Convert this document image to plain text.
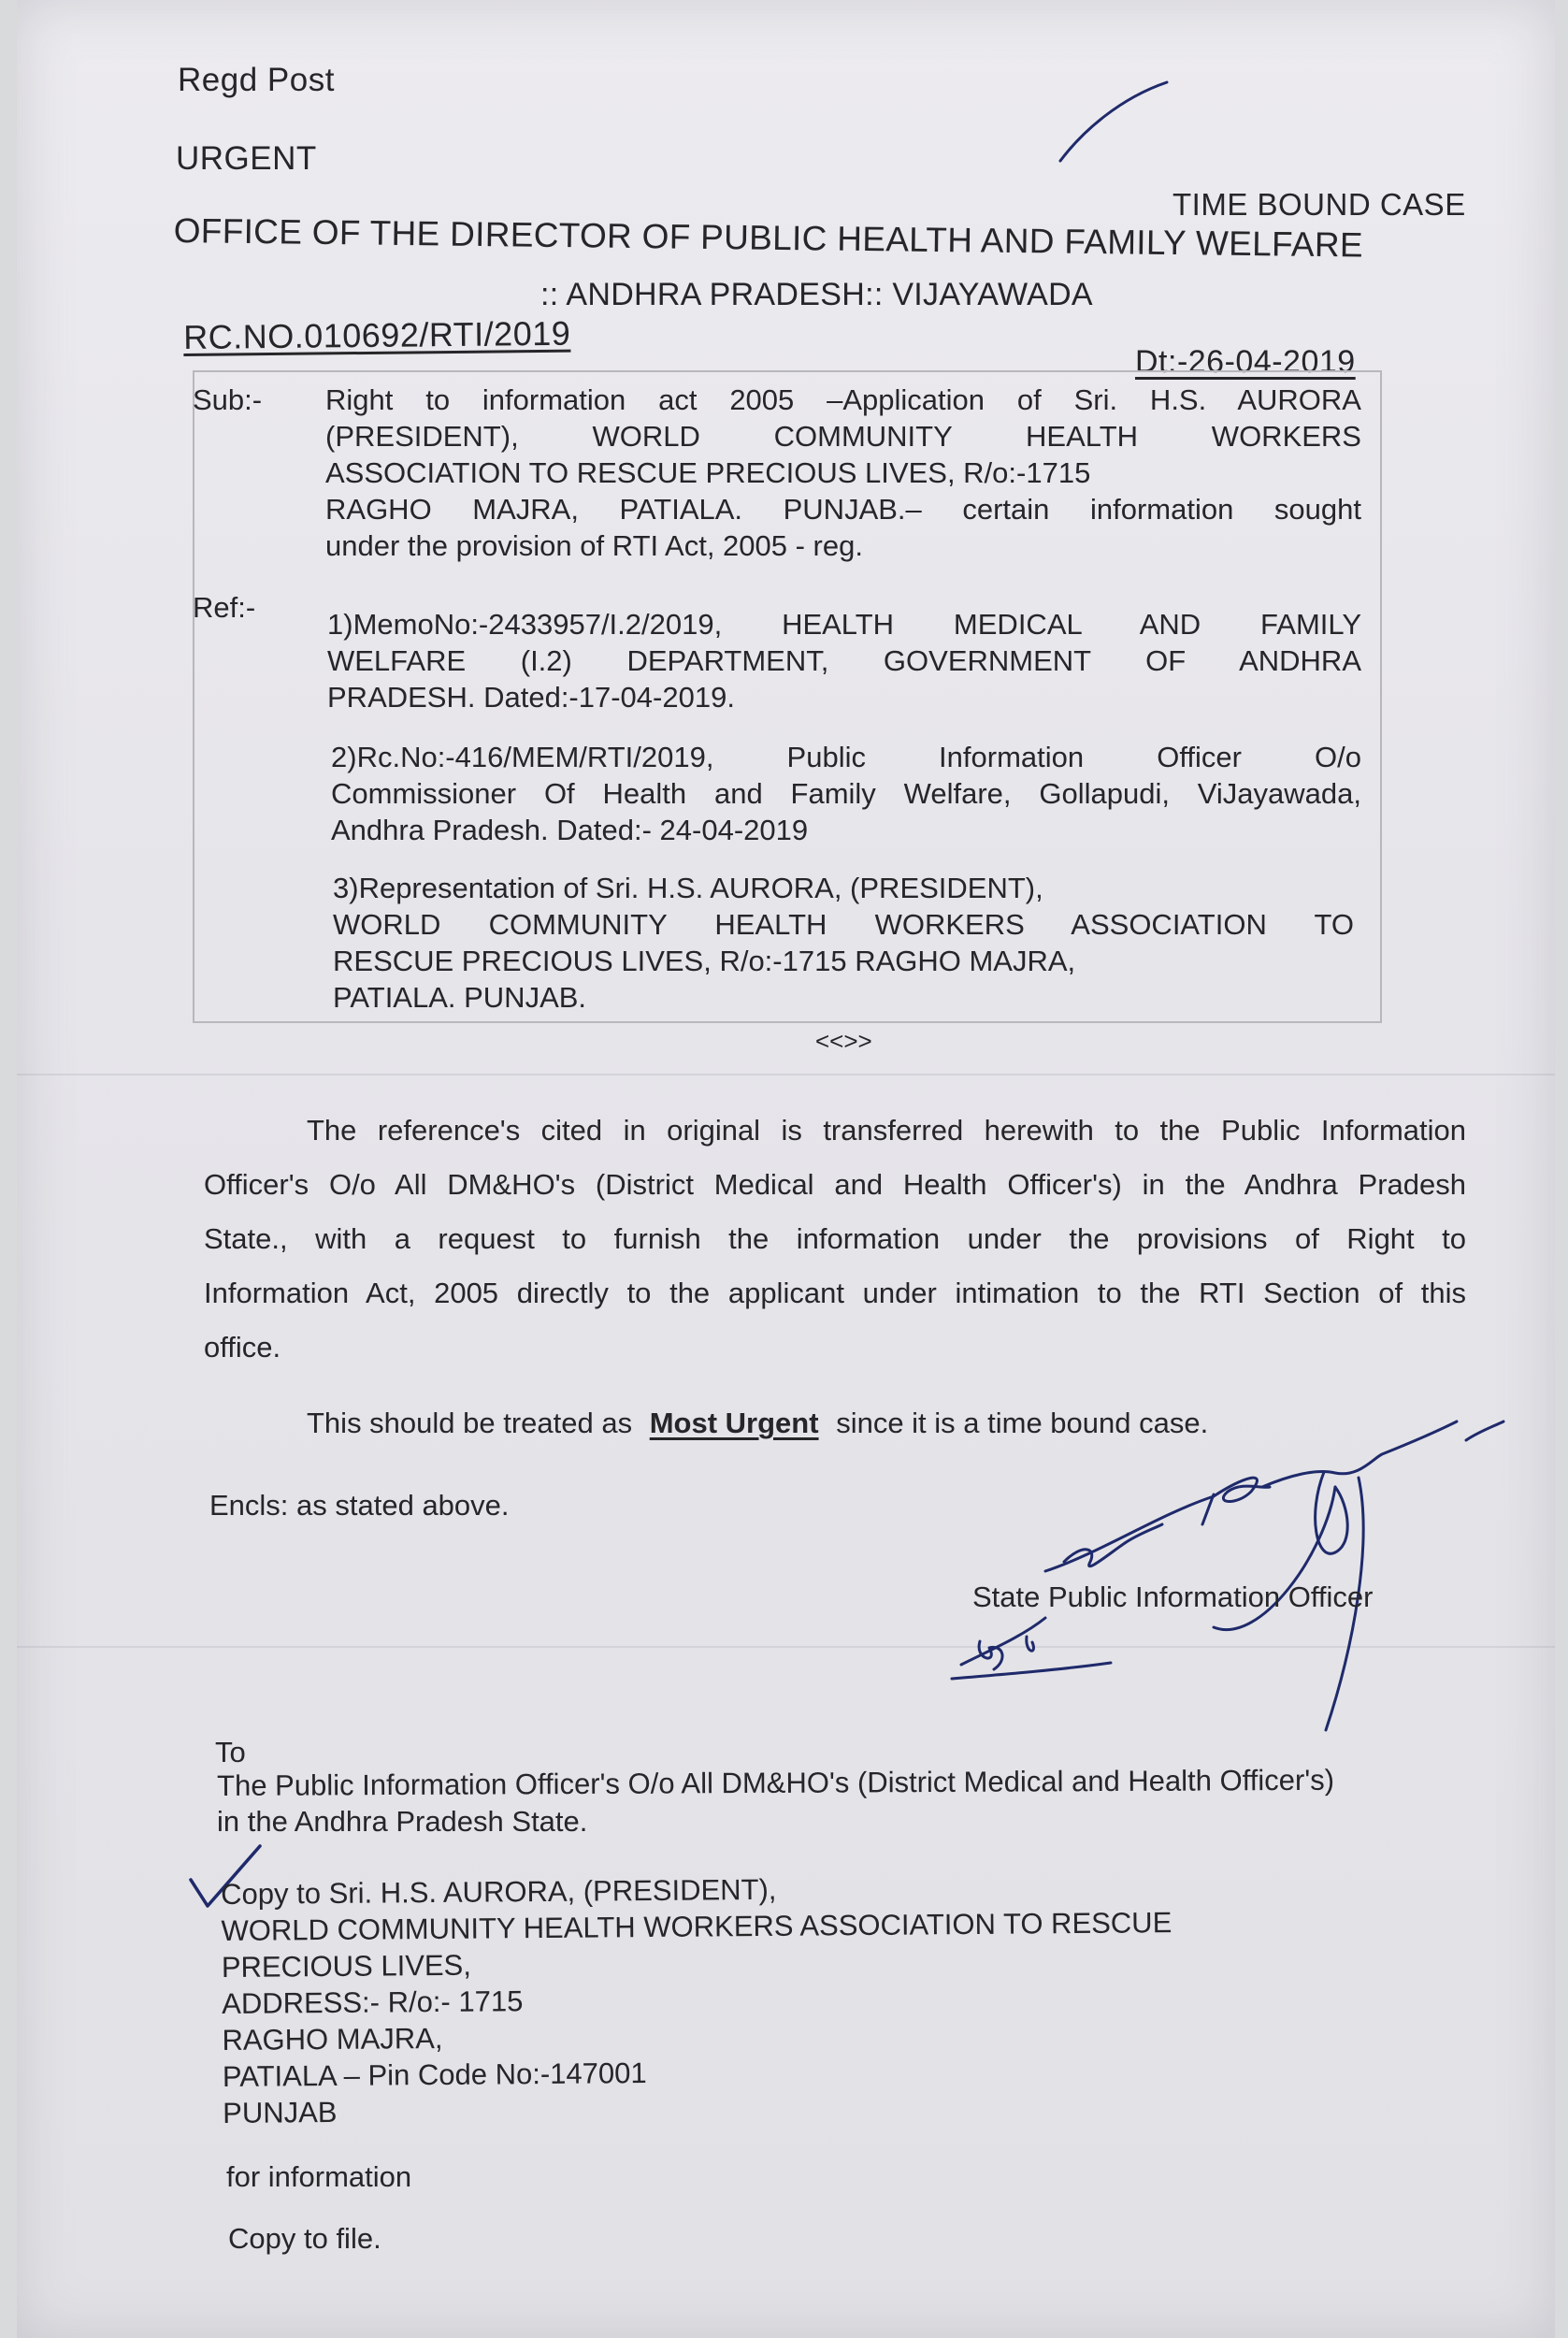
Regd Post
URGENT
TIME BOUND CASE
OFFICE OF THE DIRECTOR OF PUBLIC HEALTH AND FAMILY WELFARE
:: ANDHRA PRADESH:: VIJAYAWADA
RC.NO.010692/RTI/2019
Dt:-26-04-2019
Sub:- Right to information act 2005 –Application of Sri. H.S. AURORA
(PRESIDENT), WORLD COMMUNITY HEALTH WORKERS
ASSOCIATION TO RESCUE PRECIOUS LIVES, R/o:-1715
RAGHO MAJRA, PATIALA. PUNJAB.– certain information sought
under the provision of RTI Act, 2005 - reg.
Ref:-
1)MemoNo:-2433957/I.2/2019, HEALTH MEDICAL AND FAMILY
WELFARE (I.2) DEPARTMENT, GOVERNMENT OF ANDHRA
PRADESH. Dated:-17-04-2019.
2)Rc.No:-416/MEM/RTI/2019, Public Information Officer O/o
Commissioner Of Health and Family Welfare, Gollapudi, ViJayawada,
Andhra Pradesh. Dated:- 24-04-2019
3)Representation of Sri. H.S. AURORA, (PRESIDENT),
WORLD COMMUNITY HEALTH WORKERS ASSOCIATION TO
RESCUE PRECIOUS LIVES, R/o:-1715 RAGHO MAJRA,
PATIALA. PUNJAB.
<<>>
The reference's cited in original is transferred herewith to the Public Information
Officer's O/o All DM&HO's (District Medical and Health Officer's) in the Andhra Pradesh
State., with a request to furnish the information under the provisions of Right to
Information Act, 2005 directly to the applicant under intimation to the RTI Section of this
office.
This should be treated as Most Urgent since it is a time bound case.
Encls: as stated above.
State Public Information Officer
To
The Public Information Officer's O/o All DM&HO's (District Medical and Health Officer's)
in the Andhra Pradesh State.
Copy to Sri. H.S. AURORA, (PRESIDENT),
WORLD COMMUNITY HEALTH WORKERS ASSOCIATION TO RESCUE
PRECIOUS LIVES,
ADDRESS:- R/o:- 1715
RAGHO MAJRA,
PATIALA – Pin Code No:-147001
PUNJAB
for information
Copy to file.
